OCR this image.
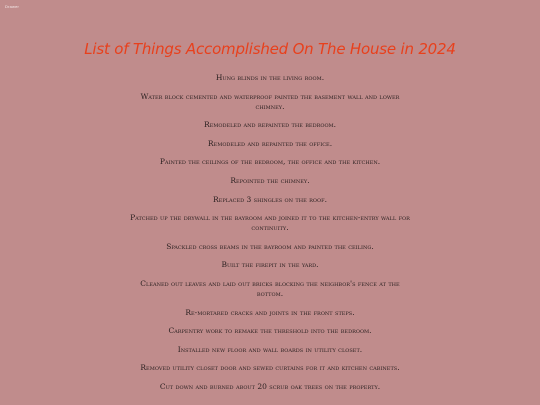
Drawer
List of Things Accomplished On The House in 2024
Hung blinds in the living room.
Water block cemented and waterproof painted the basement wall and lower chimney.
Remodeled and repainted the bedroom.
Remodeled and repainted the office.
Painted the ceilings of the bedroom, the office and the kitchen.
Repointed the chimney.
Replaced 3 shingles on the roof.
Patched up the drywall in the bayroom and joined it to the kitchen-entry wall for continuity.
Spackled cross beams in the bayroom and painted the ceiling.
Built the firepit in the yard.
Cleaned out leaves and laid out bricks blocking the neighbor's fence at the bottom.
Re-mortared cracks and joints in the front steps.
Carpentry work to remake the threshold into the bedroom.
Installed new floor and wall boards in utility closet.
Removed utility closet door and sewed curtains for it and kitchen cabinets.
Cut down and burned about 20 scrub oak trees on the property.
